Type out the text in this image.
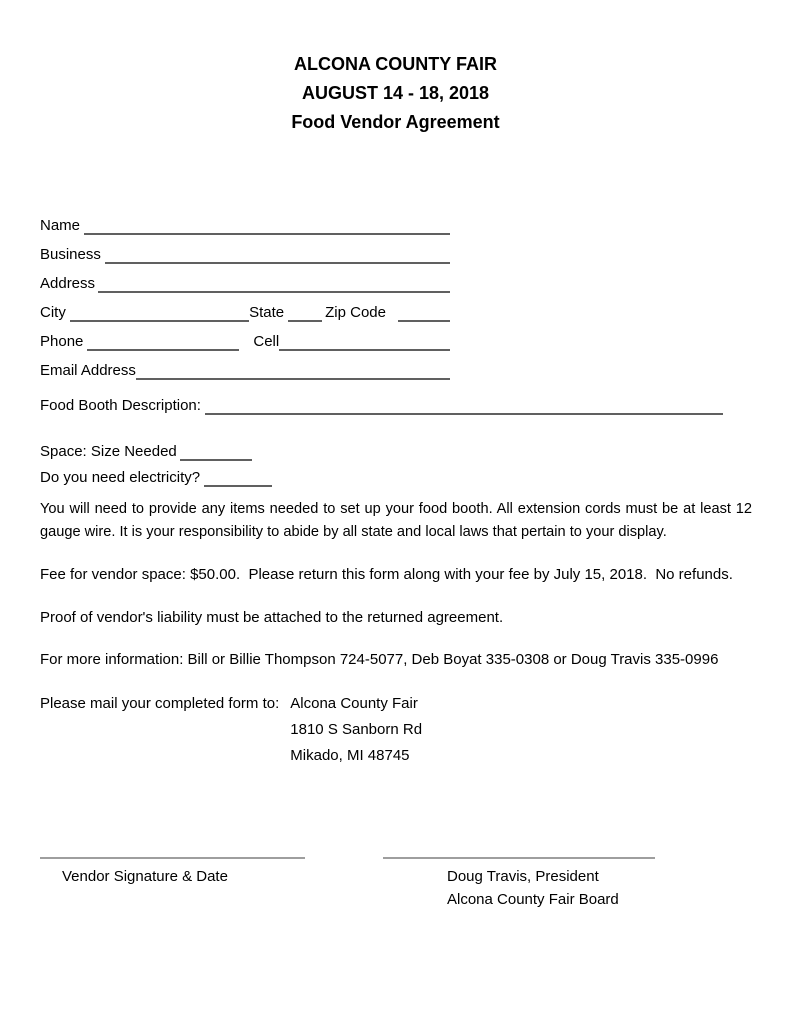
ALCONA COUNTY FAIR
AUGUST 14 - 18, 2018
Food Vendor Agreement
Name
Business
Address
City	State	Zip Code
Phone	Cell
Email Address
Food Booth Description:
Space: Size Needed
Do you need electricity?

You will need to provide any items needed to set up your food booth. All extension cords must be at least 12 gauge wire. It is your responsibility to abide by all state and local laws that pertain to your display.

Fee for vendor space: $50.00.  Please return this form along with your fee by July 15, 2018.  No refunds.

Proof of vendor's liability must be attached to the returned agreement.

For more information: Bill or Billie Thompson 724-5077, Deb Boyat 335-0308 or Doug Travis 335-0996

Please mail your completed form to: Alcona County Fair
1810 S Sanborn Rd
Mikado, MI 48745
Vendor Signature & Date	Doug Travis, President
Alcona County Fair Board
